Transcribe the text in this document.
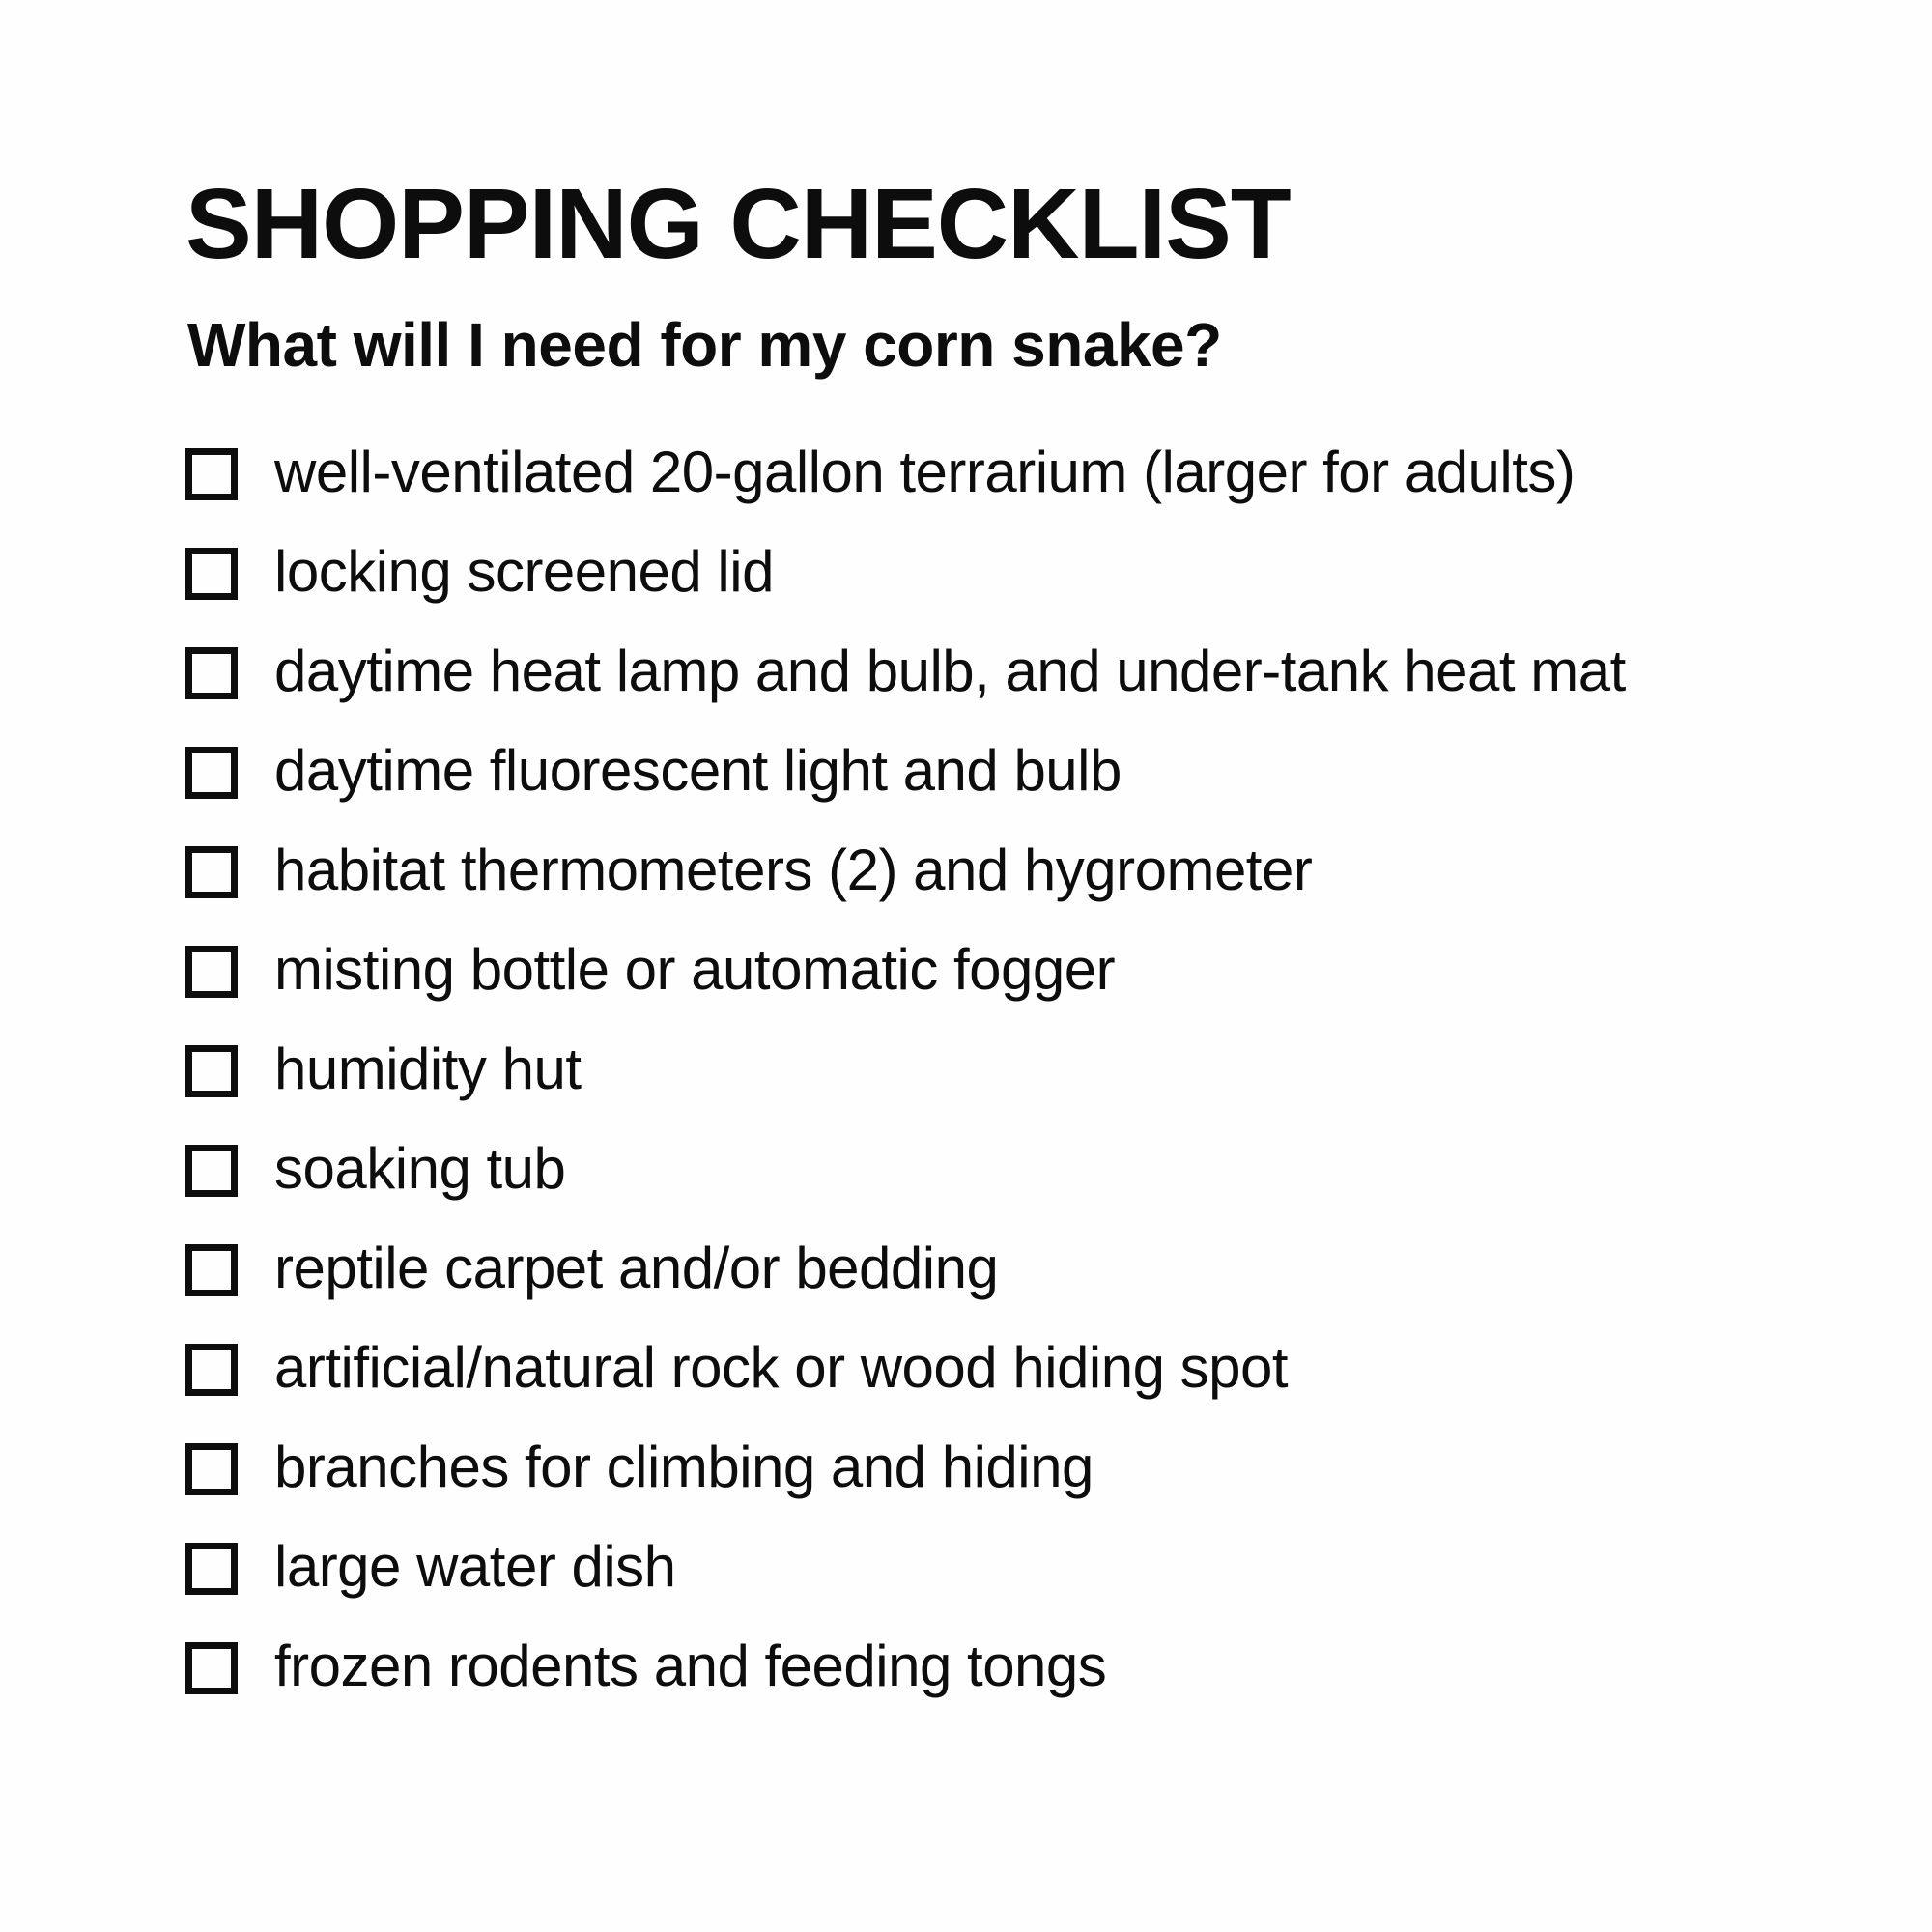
SHOPPING CHECKLIST
What will I need for my corn snake?
well-ventilated 20-gallon terrarium (larger for adults)
locking screened lid
daytime heat lamp and bulb, and under-tank heat mat
daytime fluorescent light and bulb
habitat thermometers (2) and hygrometer
misting bottle or automatic fogger
humidity hut
soaking tub
reptile carpet and/or bedding
artificial/natural rock or wood hiding spot
branches for climbing and hiding
large water dish
frozen rodents and feeding tongs
